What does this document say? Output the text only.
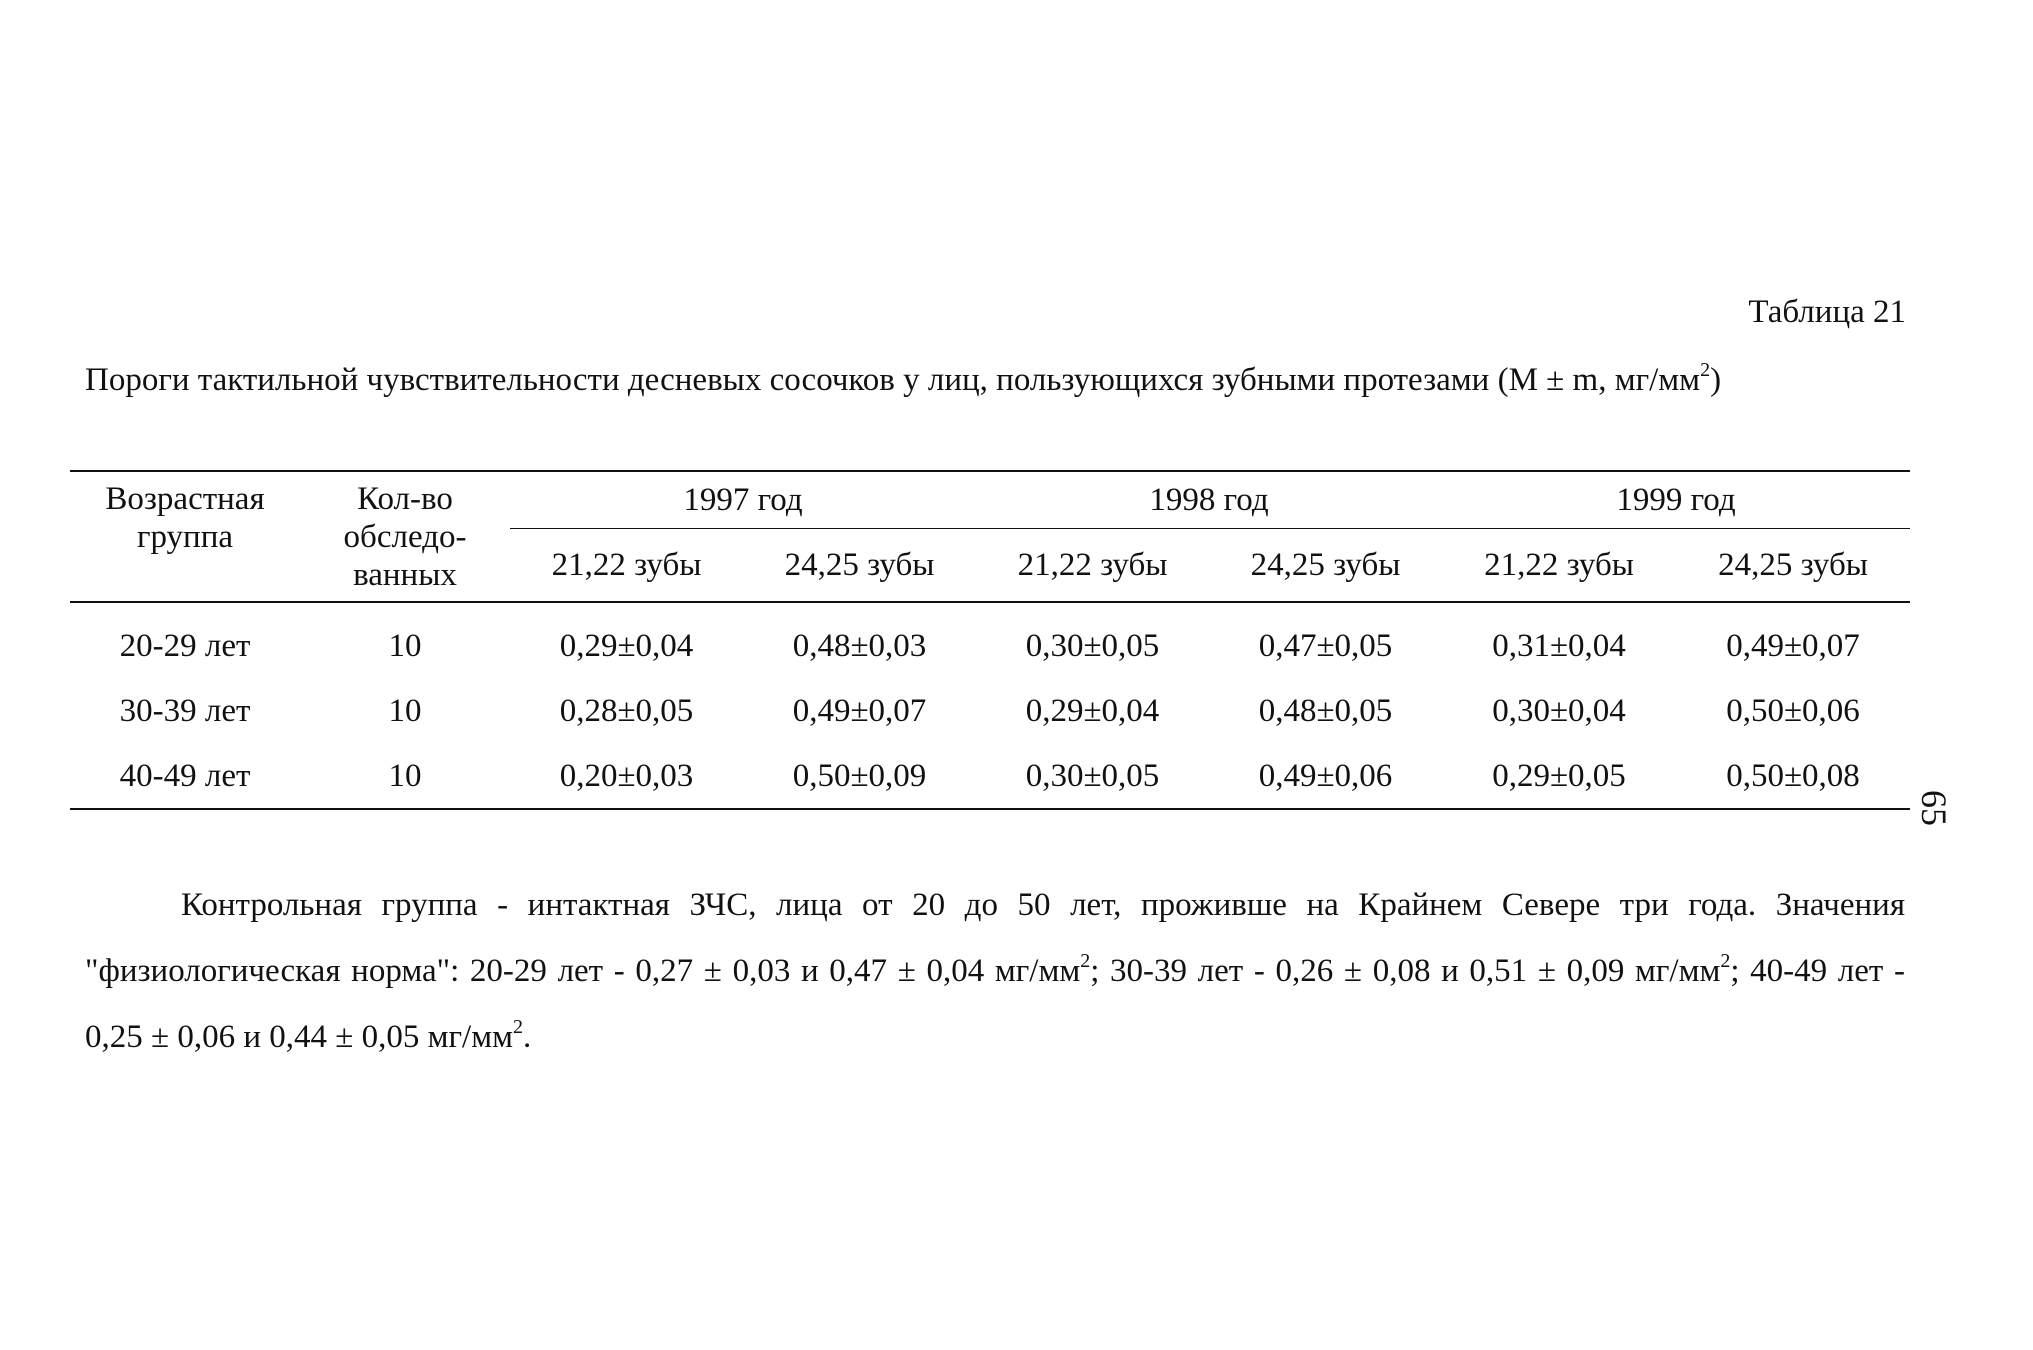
Таблица 21
Пороги тактильной чувствительности десневых сосочков у лиц, пользующихся зубными протезами (M ± m, $мг/мм^2$)
Возрастная группа	Кол-во обследо-ванных	1997 год		1998 год		1999 год	
		21,22 зубы	24,25 зубы	21,22 зубы	24,25 зубы	21,22 зубы	24,25 зубы
20-29 лет	10	0,29±0,04	0,48±0,03	0,30±0,05	0,47±0,05	0,31±0,04	0,49±0,07
30-39 лет	10	0,28±0,05	0,49±0,07	0,29±0,04	0,48±0,05	0,30±0,04	0,50±0,06
40-49 лет	10	0,20±0,03	0,50±0,09	0,30±0,05	0,49±0,06	0,29±0,05	0,50±0,08

Контрольная группа - интактная ЗЧС, лица от 20 до 50 лет, проживше на Крайнем Севере три года. Значения "физиологическая норма": 20-29 лет - 0,27 ± 0,03 и 0,47 ± 0,04 $мг/мм^2$; 30-39 лет - 0,26 ± 0,08 и 0,51 ± 0,09 $мг/мм^2$; 40-49 лет - 0,25 ± 0,06 и 0,44 ± 0,05 $мг/мм^2$.

65
